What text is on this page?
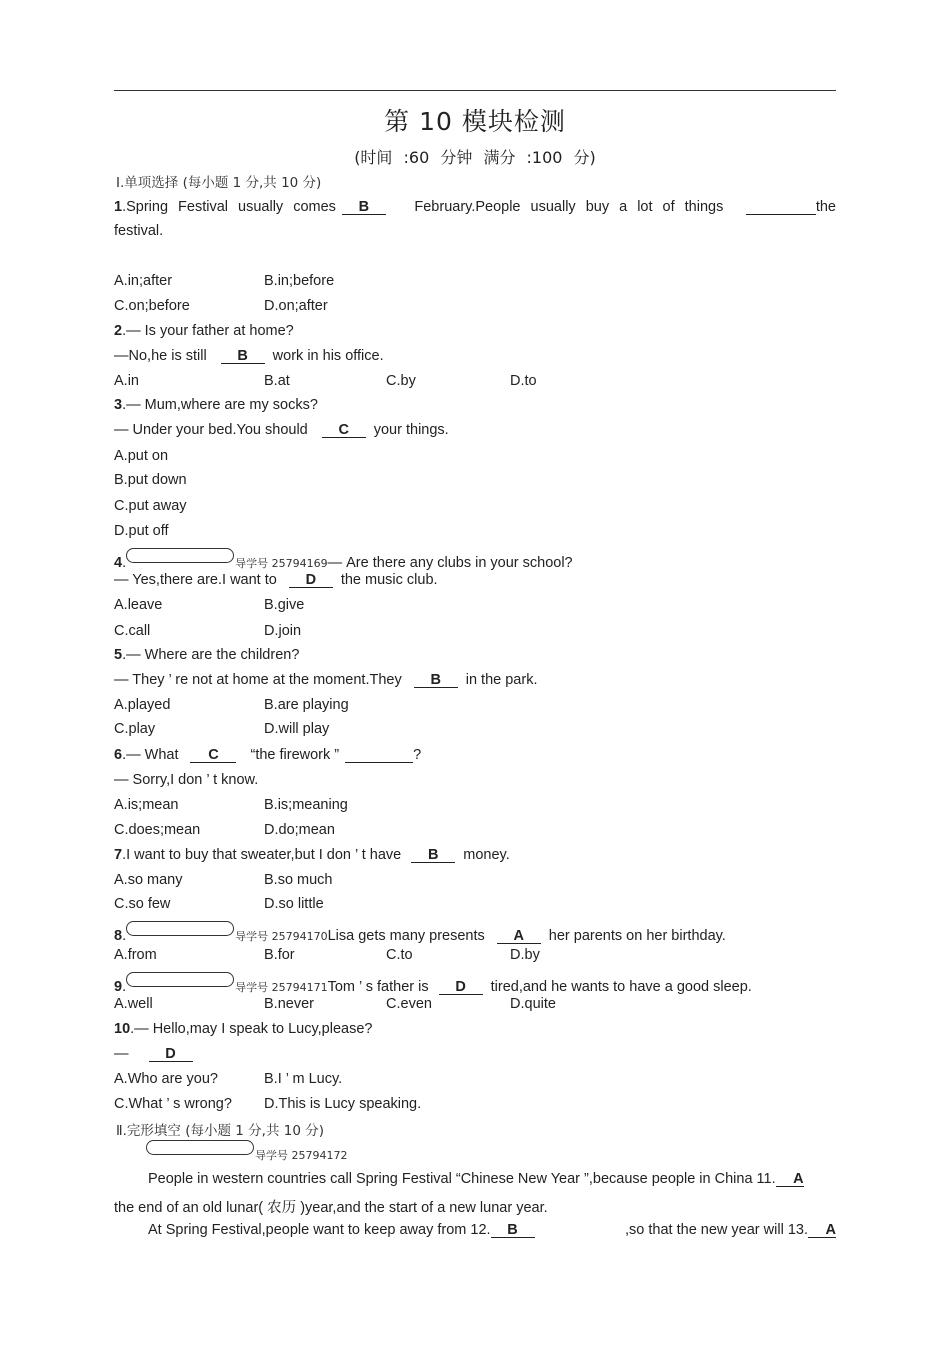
第 10 模块检测
(时间 :60 分钟 满分 :100 分)
Ⅰ.单项选择 (每小题 1 分,共 10 分)
1.Spring Festival usually comes B	February.People usually buy a lot of things	the
festival.
A.in;after	B.in;before
C.on;before	D.on;after
2.— Is your father at home?
—No,he is still B work in his office.
A.in	B.at	C.by	D.to
3.— Mum,where are my socks?
— Under your bed.You should C your things.
A.put on
B.put down
C.put away
D.put off
4.	导学号 25794169— Are there any clubs in your school?
— Yes,there are.I want to D the music club.
A.leave	B.give
C.call	D.join
5.— Where are the children?
— They ’ re not at home at the moment.They B in the park.
A.played	B.are playing
C.play	D.will play
6.— What C “the firework ”	?
— Sorry,I don ’ t know.
A.is;mean	B.is;meaning
C.does;mean	D.do;mean
7.I want to buy that sweater,but I don ’ t have B money.
A.so many	B.so much
C.so few	D.so little
8.	导学号 25794170Lisa gets many presents A her parents on her birthday.
A.from	B.for	C.to	D.by
9.	导学号 25794171Tom ’ s father is D tired,and he wants to have a good sleep.
A.well	B.never	C.even	D.quite
10.— Hello,may I speak to Lucy,please?
—	D
A.Who are you?	B.I ’ m Lucy.
C.What ’ s wrong? D.This is Lucy speaking.
Ⅱ.完形填空 (每小题 1 分,共 10 分)
导学号 25794172
People in western countries call Spring Festival “Chinese New Year ”,because people in China 11. A
the end of an old lunar( 农历 )year,and the start of a new lunar year.
At Spring Festival,people want to keep away from 12. B	,so that the new year will 13. A
